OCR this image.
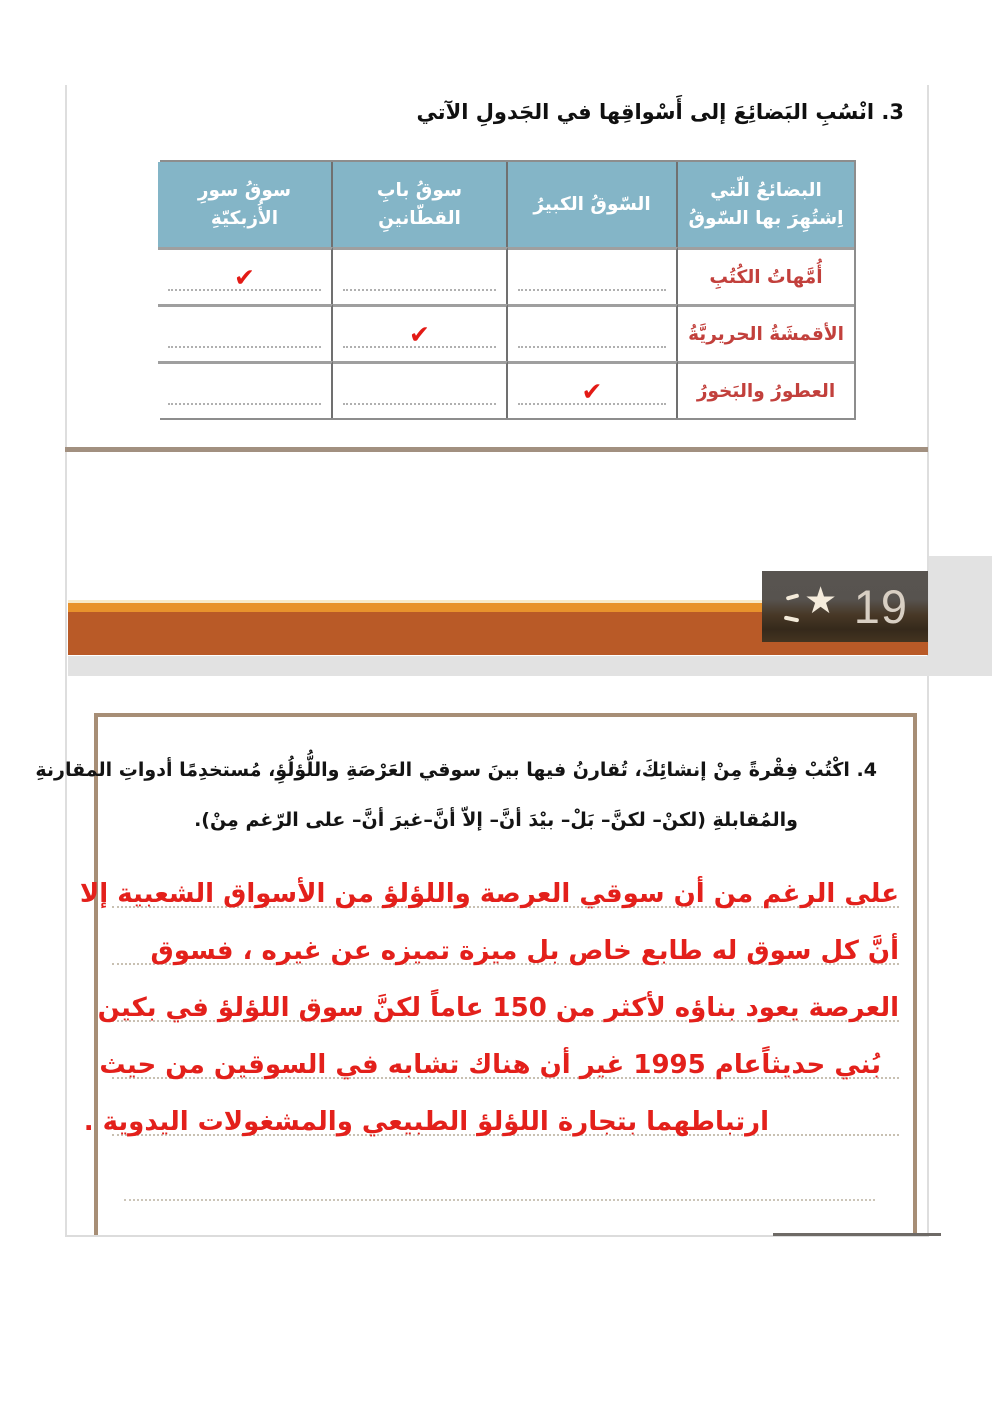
3. انْسُبِ البَضائِعَ إلى أَسْواقِها في الجَدولِ الآتي
البضائعُ الّتي اِشتُهِرَ بها السّوقُ
السّوقُ الكبيرُ
سوقُ بابِ القطّانينِ
سوقُ سورِ الأُزبكيّةِ
أُمَّهاتُ الكُتُبِ
✔
الأقمشَةُ الحريريَّةُ
✔
العطورُ والبَخورُ
✔
★ 19
4. اكْتُبْ فِقْرةً مِنْ إنشائِكَ، تُقارنُ فيها بينَ سوقي العَرْصَةِ واللُّؤلُؤِ، مُستخدِمًا أدواتِ المقارنةِ
والمُقابلةِ (لكنْ– لكنَّ– بَلْ– بيْدَ أنَّ– إلاّ أنَّ–غيرَ أنَّ– على الرّغم مِنْ).
على الرغم من أن سوقي العرصة واللؤلؤ من الأسواق الشعبية إلا
أنَّ كل سوق له طابع خاص بل ميزة تميزه عن غيره ، فسوق
العرصة يعود بناؤه لأكثر من 150 عاماً لكنَّ سوق اللؤلؤ في بكين
بُني حديثاًعام 1995 غير أن هناك تشابه في السوقين من حيث
ارتباطهما بتجارة اللؤلؤ الطبيعي والمشغولات اليدوية .
